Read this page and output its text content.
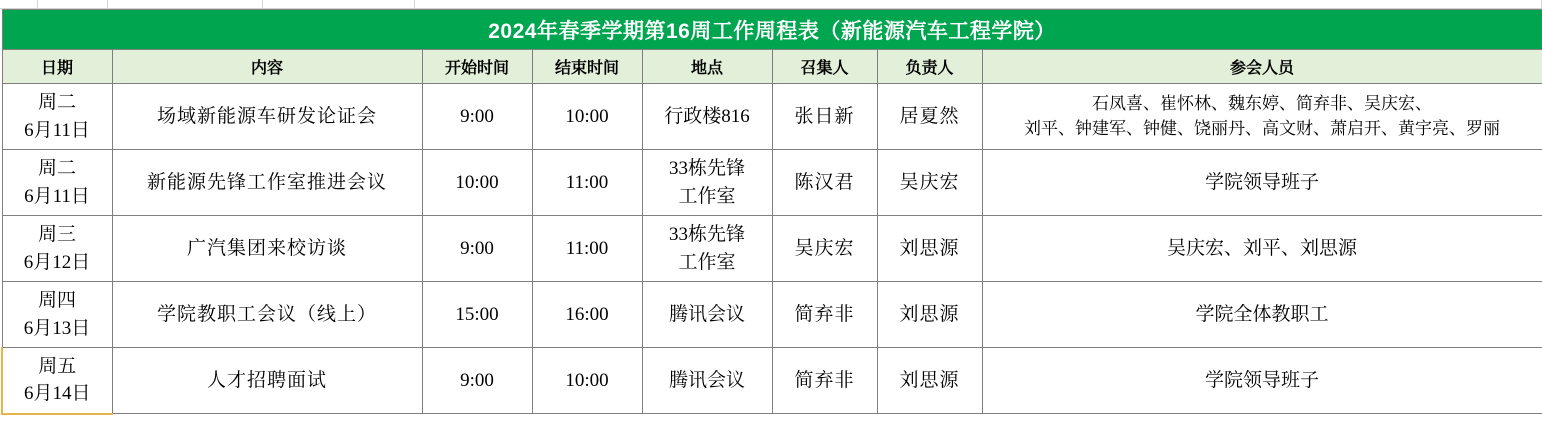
2024年春季学期第16周工作周程表（新能源汽车工程学院）							
日期	内容	开始时间	结束时间	地点	召集人	负责人	参会人员

周二
6月11日	场域新能源车研发论证会	9:00	10:00	行政楼816	张日新	居夏然	石凤喜、崔怀林、魏东婷、简弃非、吴庆宏、
刘平、钟建军、钟健、饶丽丹、高文财、萧启开、黄宇亮、罗丽

周二
6月11日	新能源先锋工作室推进会议	10:00	11:00	33栋先锋
工作室	陈汉君	吴庆宏	学院领导班子

周三
6月12日	广汽集团来校访谈	9:00	11:00	33栋先锋
工作室	吴庆宏	刘思源	吴庆宏、刘平、刘思源

周四
6月13日	学院教职工会议（线上）	15:00	16:00	腾讯会议	简弃非	刘思源	学院全体教职工

周五
6月14日	人才招聘面试	9:00	10:00	腾讯会议	简弃非	刘思源	学院领导班子
